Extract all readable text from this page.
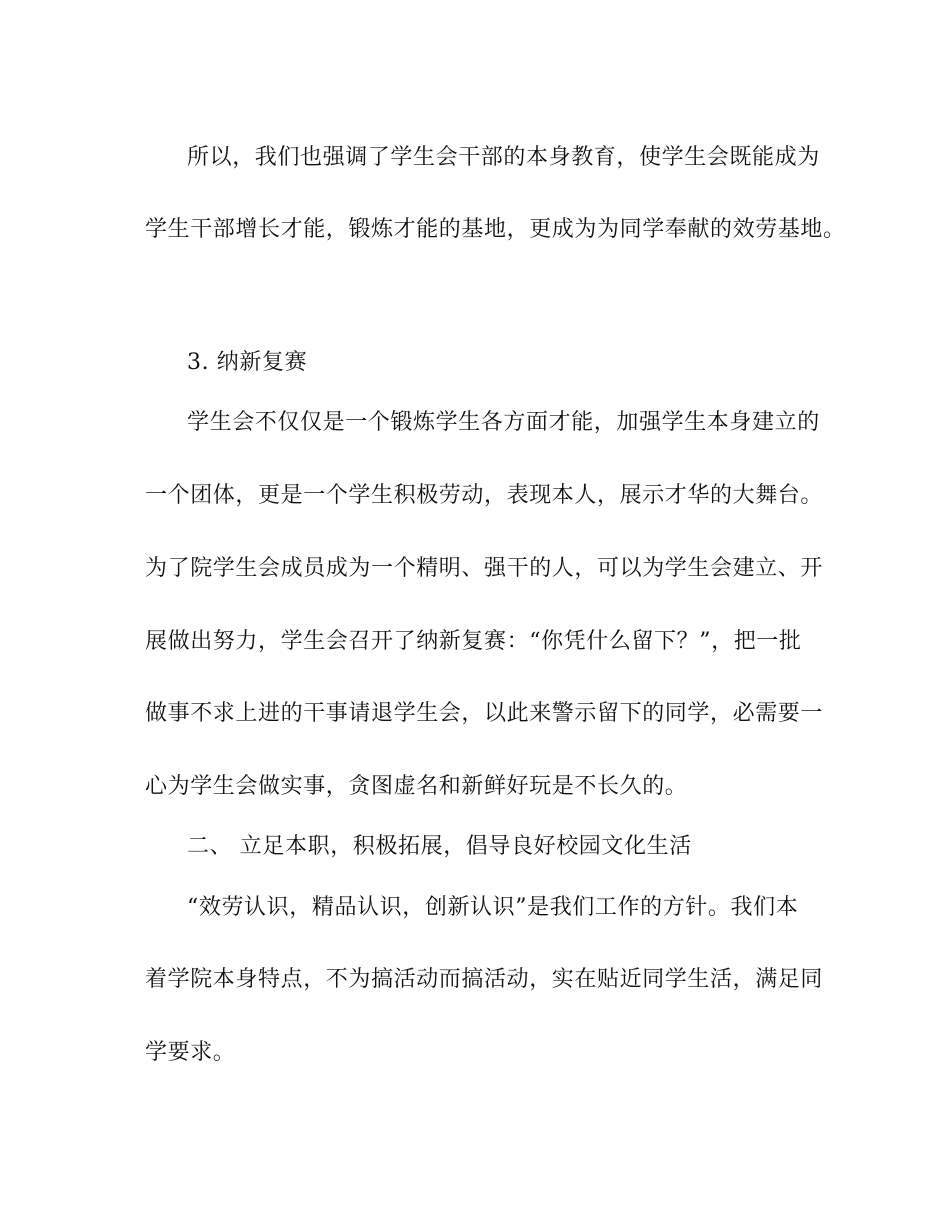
所以，我们也强调了学生会干部的本身教育，使学生会既能成为
学生干部增长才能，锻炼才能的基地，更成为为同学奉献的效劳基地。
3. 纳新复赛
学生会不仅仅是一个锻炼学生各方面才能，加强学生本身建立的
一个团体，更是一个学生积极劳动，表现本人，展示才华的大舞台。
为了院学生会成员成为一个精明、强干的人，可以为学生会建立、开
展做出努力，学生会召开了纳新复赛：“你凭什么留下？”，把一批
做事不求上进的干事请退学生会，以此来警示留下的同学，必需要一
心为学生会做实事，贪图虚名和新鲜好玩是不长久的。
二、 立足本职，积极拓展，倡导良好校园文化生活
“效劳认识，精品认识，创新认识”是我们工作的方针。我们本
着学院本身特点，不为搞活动而搞活动，实在贴近同学生活，满足同
学要求。
